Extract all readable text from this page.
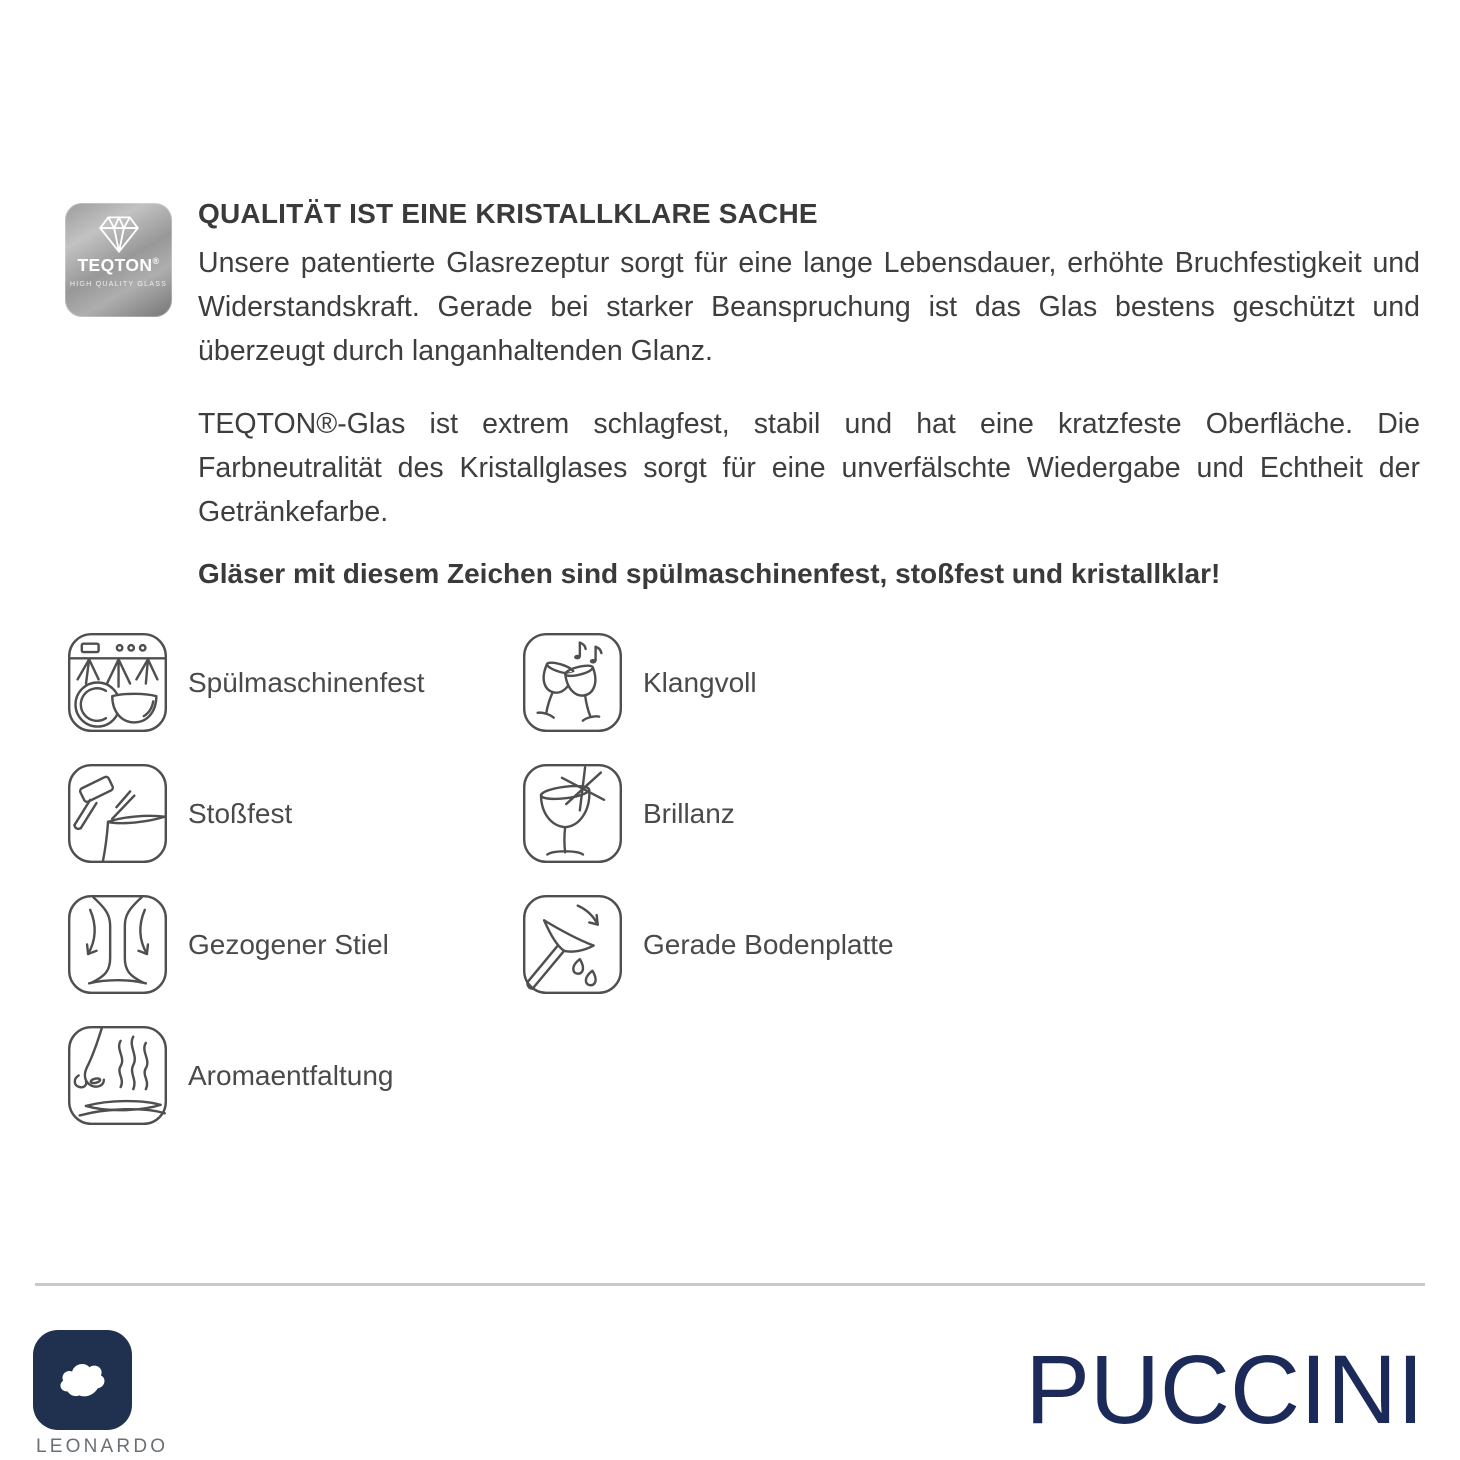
TEQTON®
HIGH QUALITY GLASS
QUALITÄT IST EINE KRISTALLKLARE SACHE

Unsere patentierte Glasrezeptur sorgt für eine lange Lebensdauer, erhöhte Bruchfestigkeit und Widerstandskraft. Gerade bei starker Beanspruchung ist das Glas bestens geschützt und überzeugt durch langanhaltenden Glanz.

TEQTON®-Glas ist extrem schlagfest, stabil und hat eine kratzfeste Oberfläche. Die Farbneutralität des Kristallglases sorgt für eine unverfälschte Wiedergabe und Echtheit der Getränkefarbe.

Gläser mit diesem Zeichen sind spülmaschinenfest, stoßfest und kristallklar!

Spülmaschinenfest	Klangvoll
Stoßfest	Brillanz
Gezogener Stiel	Gerade Bodenplatte
Aromaentfaltung
LEONARDO
PUCCINI
